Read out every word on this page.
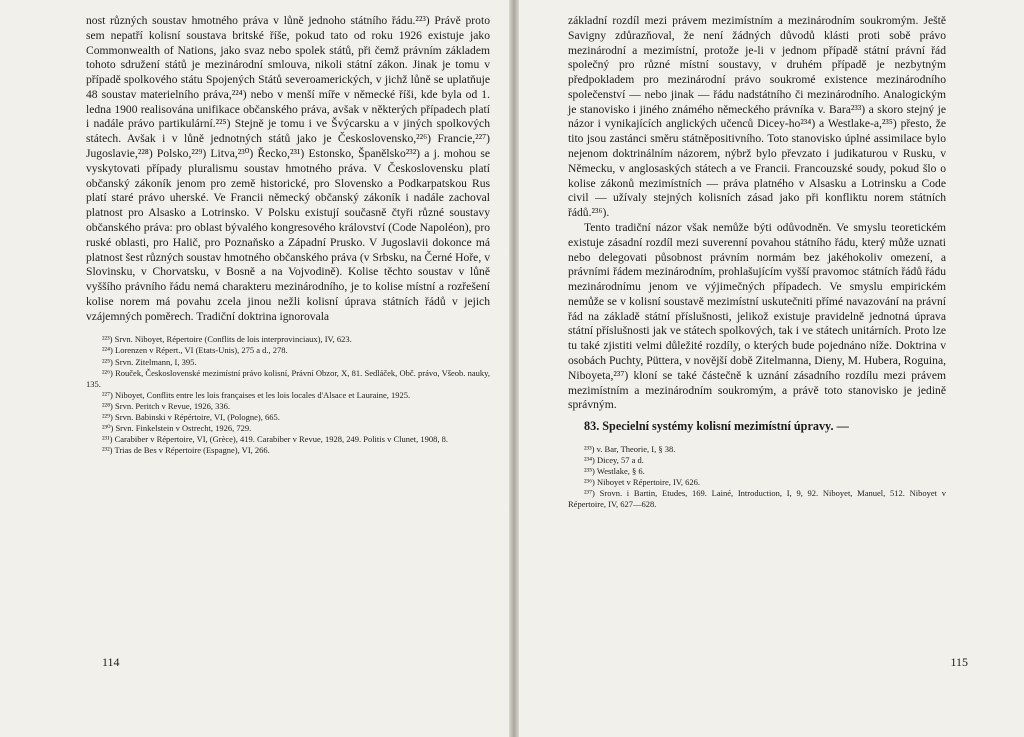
nost různých soustav hmotného práva v lůně jednoho státního řádu.²²³) Právě proto sem nepatří kolisní soustava britské říše, pokud tato od roku 1926 existuje jako Commonwealth of Nations, jako svaz nebo spolek států, při čemž právním základem tohoto sdružení států je mezinárodní smlouva, nikoli státní zákon. Jinak je tomu v případě spolkového státu Spojených Států severoamerických, v jichž lůně se uplatňuje 48 soustav materielního práva,²²⁴) nebo v menší míře v německé říši, kde byla od 1. ledna 1900 realisována unifikace občanského práva, avšak v některých případech platí i nadále právo partikulární.²²⁵) Stejně je tomu i ve Švýcarsku a v jiných spolkových státech. Avšak i v lůně jednotných států jako je Československo,²²⁶) Francie,²²⁷) Jugoslavie,²²⁸) Polsko,²²⁹) Litva,²³⁰) Řecko,²³¹) Estonsko, Španělsko²³²) a j. mohou se vyskytovati případy pluralismu soustav hmotného práva. V Československu platí občanský zákoník jenom pro země historické, pro Slovensko a Podkarpatskou Rus platí staré právo uherské. Ve Francii německý občanský zákoník i nadále zachoval platnost pro Alsasko a Lotrinsko. V Polsku existují současně čtyři různé soustavy občanského práva: pro oblast bývalého kongresového království (Code Napoléon), pro ruské oblasti, pro Halič, pro Poznaňsko a Západní Prusko. V Jugoslavii dokonce má platnost šest různých soustav hmotného občanského práva (v Srbsku, na Černé Hoře, v Slovinsku, v Chorvatsku, v Bosně a na Vojvodině). Kolise těchto soustav v lůně vyššího právního řádu nemá charakteru mezinárodního, je to kolise místní a rozřešení kolise norem má povahu zcela jinou nežli kolisní úprava státních řádů v jejich vzájemných poměrech. Tradiční doktrina ignorovala

²²³) Srvn. Niboyet, Répertoire (Conflits de lois interprovinciaux), IV, 623.

²²⁴) Lorenzen v Répert., VI (Etats-Unis), 275 a d., 278.

²²⁵) Srvn. Zitelmann, I, 395.

²²⁶) Rouček, Československé mezimístní právo kolisní, Právní Obzor, X, 81. Sedláček, Obč. právo, Všeob. nauky, 135.

²²⁷) Niboyet, Conflits entre les lois françaises et les lois locales d'Alsace et Lauraine, 1925.

²²⁸) Srvn. Peritch v Revue, 1926, 336.

²²⁹) Srvn. Babinski v Répértoire, VI, (Pologne), 665.

²³⁰) Srvn. Finkelstein v Ostrecht, 1926, 729.

²³¹) Carabiber v Répertoire, VI, (Grèce), 419. Carabiber v Revue, 1928, 249. Politis v Clunet, 1908, 8.

²³²) Trias de Bes v Répertoire (Espagne), VI, 266.

114

základní rozdíl mezi právem mezimístním a mezinárodním soukromým. Ještě Savigny zdůrazňoval, že není žádných důvodů klásti proti sobě právo mezinárodní a mezimístní, protože je-li v jednom případě státní právní řád společný pro různé místní soustavy, v druhém případě je nezbytným předpokladem pro mezinárodní právo soukromé existence mezinárodního společenství — nebo jinak — řádu nadstátního či mezinárodního. Analogickým je stanovisko i jiného známého německého právníka v. Bara²³³) a skoro stejný je názor i vynikajících anglických učenců Dicey-ho²³⁴) a Westlake-a,²³⁵) přesto, že tito jsou zastánci směru státněpositivního. Toto stanovisko úplné assimilace bylo nejenom doktrinálním názorem, nýbrž bylo převzato i judikaturou v Rusku, v Německu, v anglosaských státech a ve Francii. Francouzské soudy, pokud šlo o kolise zákonů mezimístních — práva platného v Alsasku a Lotrinsku a Code civil — užívaly stejných kolisních zásad jako při konfliktu norem státních řádů.²³⁶).

Tento tradiční názor však nemůže býti odůvodněn. Ve smyslu teoretickém existuje zásadní rozdíl mezi suverenní povahou státního řádu, který může uznati nebo delegovati působnost právním normám bez jakéhokoliv omezení, a právními řádem mezinárodním, prohlašujícím vyšší pravomoc státních řádů řádu mezinárodnímu jenom ve výjimečných případech. Ve smyslu empirickém nemůže se v kolisní soustavě mezimístní uskutečniti přímé navazování na právní řád na základě státní příslušnosti, jelikož existuje pravidelně jednotná úprava státní příslušnosti jak ve státech spolkových, tak i ve státech unitárních. Proto lze tu také zjistiti velmi důležité rozdíly, o kterých bude pojednáno níže. Doktrina v osobách Puchty, Püttera, v novější době Zitelmanna, Dieny, M. Hubera, Roguina, Niboyeta,²³⁷) kloní se také částečně k uznání zásadního rozdílu mezi právem mezimístním a mezinárodním soukromým, a právě toto stanovisko je jedině správným.

83. Specielní systémy kolisní mezimístní úpravy. —

²³³) v. Bar, Theorie, I, § 38.

²³⁴) Dicey, 57 a d.

²³⁵) Westlake, § 6.

²³⁶) Niboyet v Répertoire, IV, 626.

²³⁷) Srovn. i Bartin, Etudes, 169. Lainé, Introduction, I, 9, 92. Niboyet, Manuel, 512. Niboyet v Répertoire, IV, 627—628.

115
